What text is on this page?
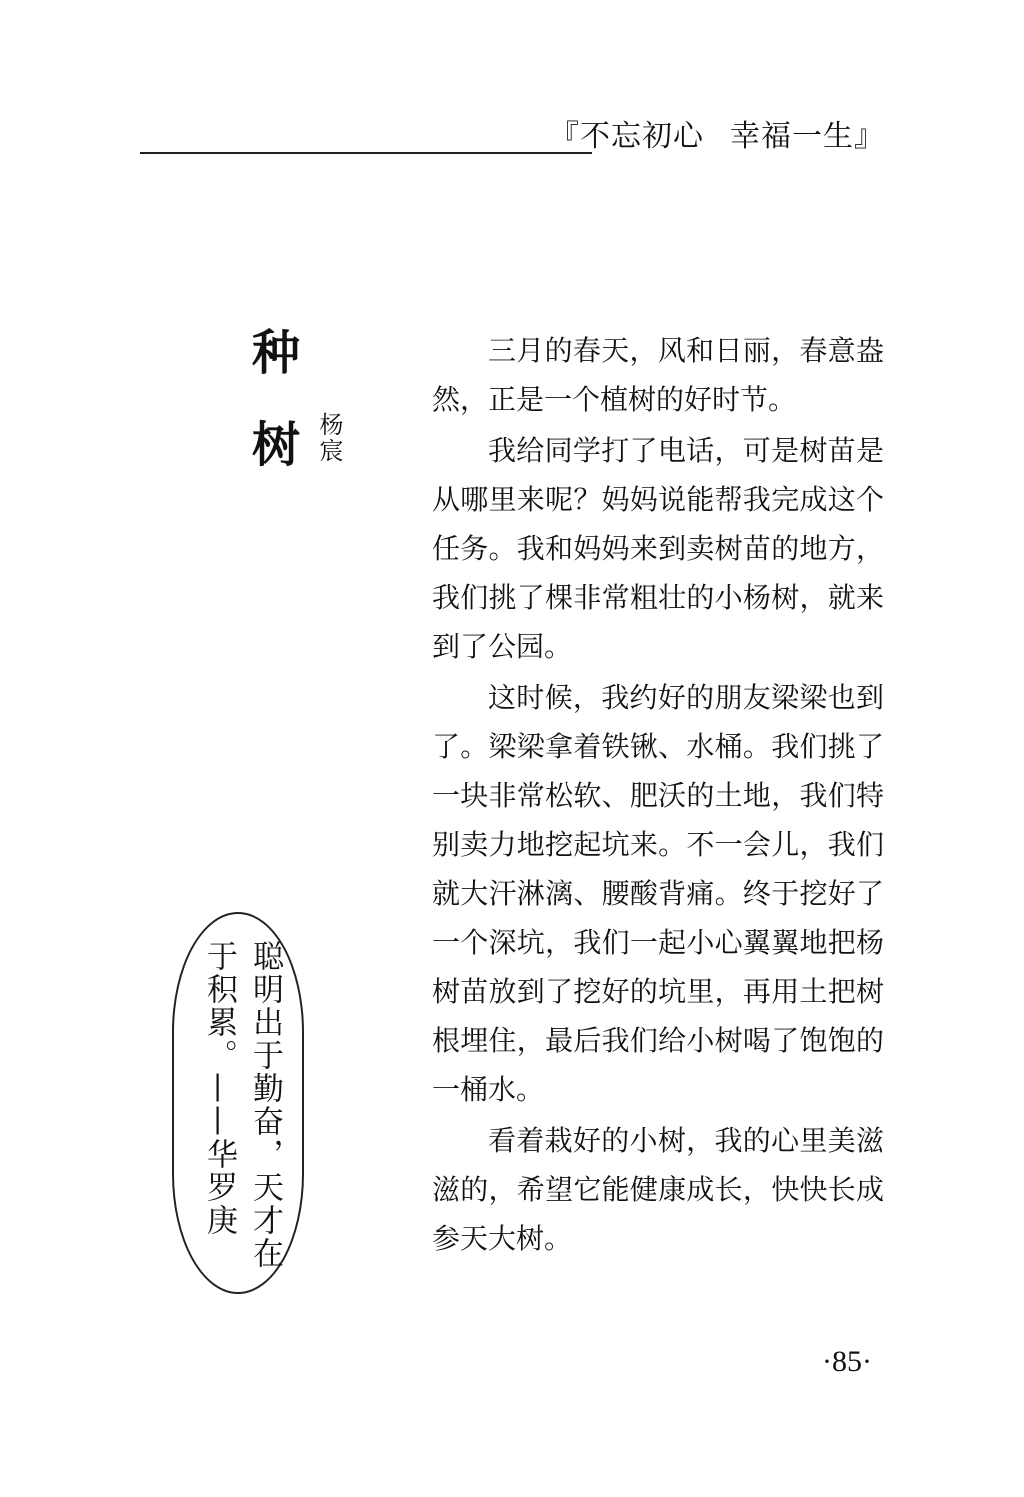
『不忘初心 幸福一生』
种
树 杨宸
聪明出于勤奋，天才在于积累。——华罗庚

三月的春天，风和日丽，春意盎然，正是一个植树的好时节。

我给同学打了电话，可是树苗是从哪里来呢？妈妈说能帮我完成这个任务。我和妈妈来到卖树苗的地方，我们挑了棵非常粗壮的小杨树，就来到了公园。

这时候，我约好的朋友梁梁也到了。梁梁拿着铁锹、水桶。我们挑了一块非常松软、肥沃的土地，我们特别卖力地挖起坑来。不一会儿，我们就大汗淋漓、腰酸背痛。终于挖好了一个深坑，我们一起小心翼翼地把杨树苗放到了挖好的坑里，再用土把树根埋住，最后我们给小树喝了饱饱的一桶水。

看着栽好的小树，我的心里美滋滋的，希望它能健康成长，快快长成参天大树。

·85·
